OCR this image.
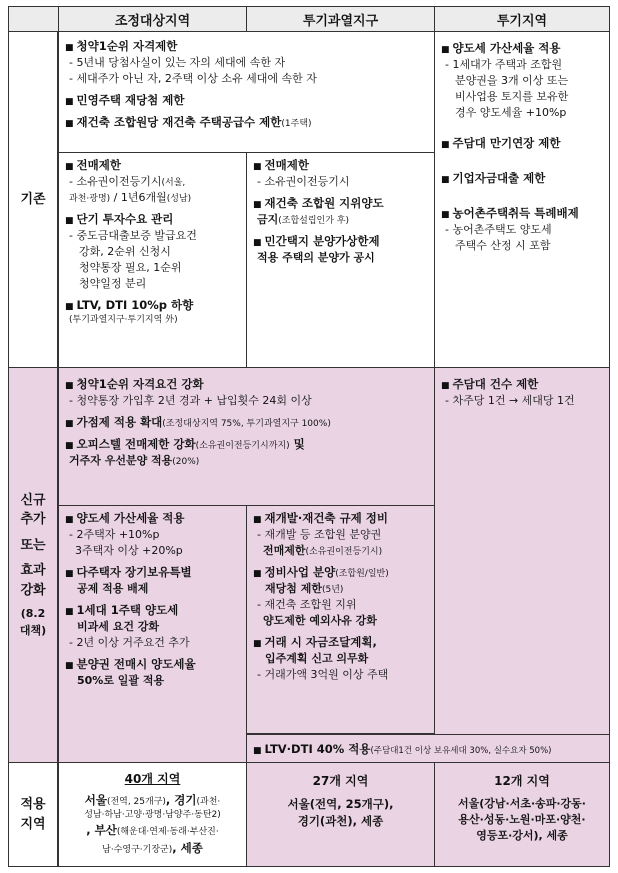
조정대상지역	투기과열지구	투기지역
기존
신규
추가
또는
효과
강화
(8.2
대책)
적용
지역
■ 청약1순위 자격제한
- 5년내 당첨사실이 있는 자의 세대에 속한 자
- 세대주가 아닌 자, 2주택 이상 소유 세대에 속한 자
■ 민영주택 재당첨 제한
■ 재건축 조합원당 재건축 주택공급수 제한(1주택)
■ 전매제한
- 소유권이전등기시(서울,
과천·광명) / 1년6개월(성남)
■ 단기 투자수요 관리
- 중도금대출보증 발급요건
강화, 2순위 신청시
청약통장 필요, 1순위
청약일정 분리
■ LTV, DTI 10%p 하향
(투기과열지구·투기지역 外)
■ 전매제한
- 소유권이전등기시
■ 재건축 조합원 지위양도
금지(조합설립인가 후)
■ 민간택지 분양가상한제
적용 주택의 분양가 공시
■ 양도세 가산세율 적용
- 1세대가 주택과 조합원
분양권을 3개 이상 또는
비사업용 토지를 보유한
경우 양도세율 +10%p
■ 주담대 만기연장 제한
■ 기업자금대출 제한
■ 농어촌주택취득 특례배제
- 농어촌주택도 양도세
주택수 산정 시 포함
■ 청약1순위 자격요건 강화
- 청약통장 가입후 2년 경과 + 납입횟수 24회 이상
■ 가점제 적용 확대(조정대상지역 75%, 투기과열지구 100%)
■ 오피스텔 전매제한 강화(소유권이전등기시까지) 및
거주자 우선분양 적용(20%)
■ 양도세 가산세율 적용
- 2주택자 +10%p
3주택자 이상 +20%p
■ 다주택자 장기보유특별
공제 적용 배제
■ 1세대 1주택 양도세
비과세 요건 강화
- 2년 이상 거주요건 추가
■ 분양권 전매시 양도세율
50%로 일괄 적용
■ 재개발·재건축 규제 정비
- 재개발 등 조합원 분양권
전매제한(소유권이전등기시)
■ 정비사업 분양(조합원/일반)
재당첨 제한(5년)
- 재건축 조합원 지위
양도제한 예외사유 강화
■ 거래 시 자금조달계획,
입주계획 신고 의무화
- 거래가액 3억원 이상 주택
■ 주담대 건수 제한
- 차주당 1건 → 세대당 1건
■ LTV·DTI 40% 적용(주담대1건 이상 보유세대 30%, 실수요자 50%)
40개 지역
서울(전역, 25개구), 경기(과천·
성남·하남·고양·광명·남양주·동탄2)
, 부산(해운대·연제·동래·부산진·
남·수영구·기장군), 세종
27개 지역
서울(전역, 25개구),
경기(과천), 세종
12개 지역
서울(강남·서초·송파·강동·
용산·성동·노원·마포·양천·
영등포·강서), 세종
